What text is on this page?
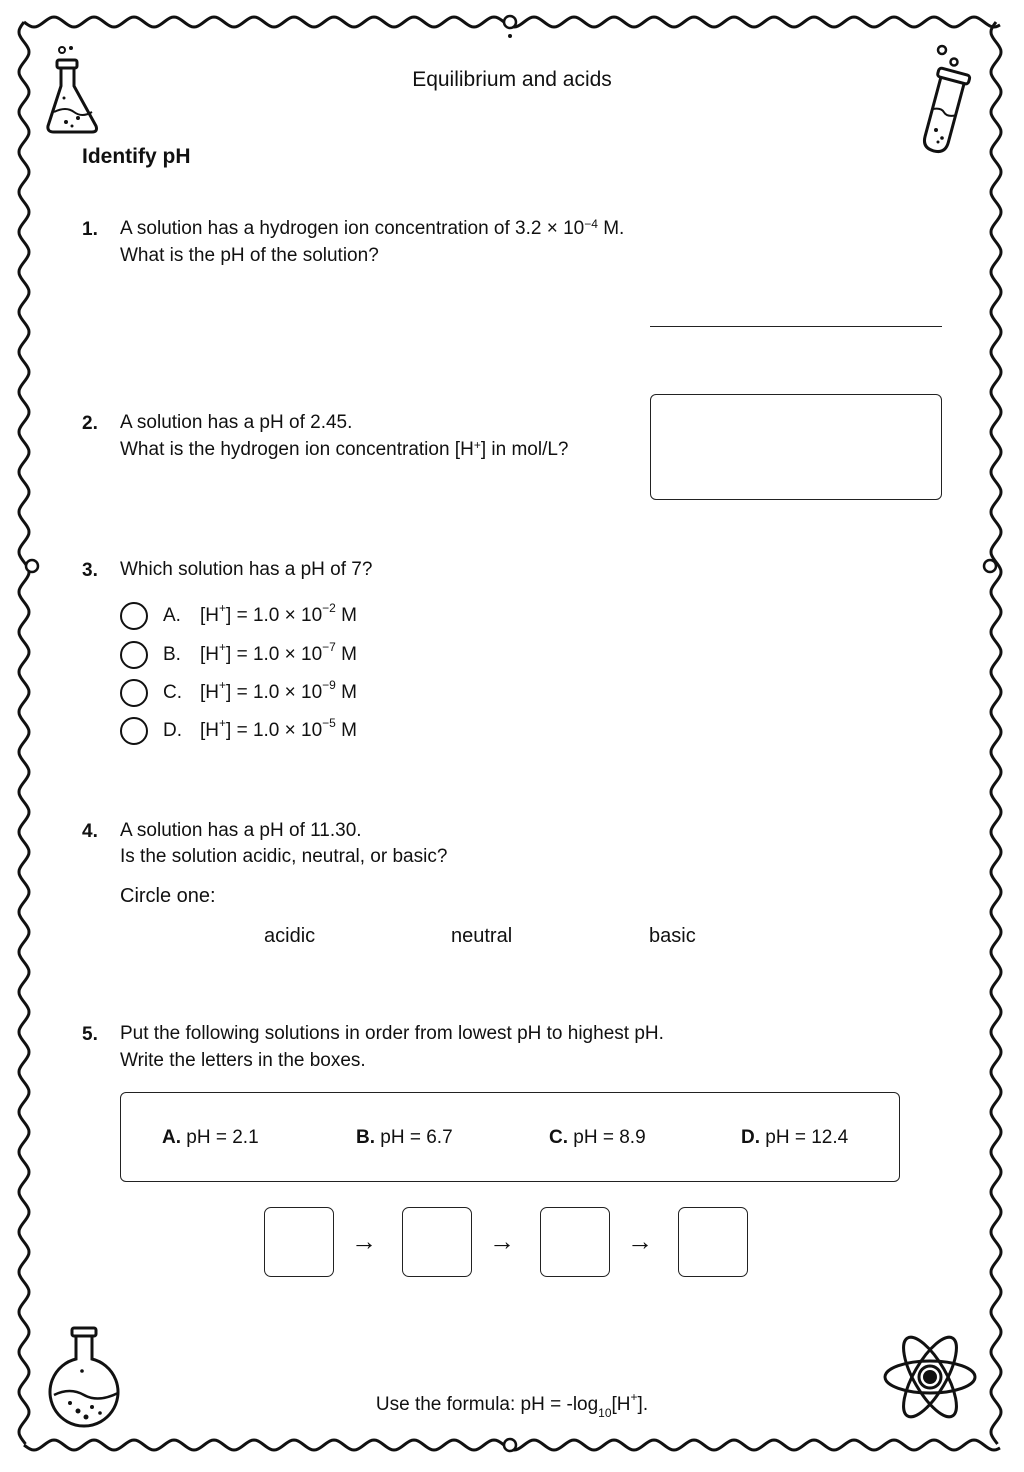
Equilibrium and acids
Identify pH
1. A solution has a hydrogen ion concentration of $3.2 \times 10^{-4}$ M.
What is the pH of the solution?
2. A solution has a pH of 2.45.
What is the hydrogen ion concentration [H+] in mol/L?
3. Which solution has a pH of 7?
A.	$[H^+] = 1.0 \times 10^{-2}$ M
B.	$[H^+] = 1.0 \times 10^{-7}$ M
C. $[H^+] = 1.0 \times 10^{-9}$ M
D. $[H^+] = 1.0 \times 10^{-5}$ M
4. A solution has a pH of 11.30.
Is the solution acidic, neutral, or basic?
Circle one:
acidic	neutral	basic
5. Put the following solutions in order from lowest pH to highest pH.
Write the letters in the boxes.
A. pH = 2.1	B. pH = 6.7	C. pH = 8.9	D. pH = 12.4
→	→	→
Use the formula: pH = $-\log_{10}[H^+]$.
